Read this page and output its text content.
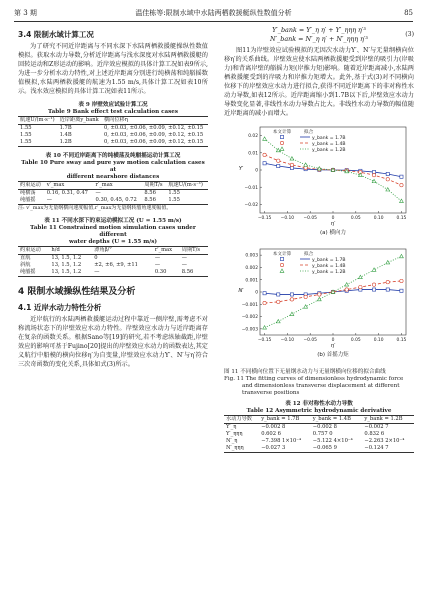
第 3 期	温佳栋等:限制水域中水陆两栖救援艇纵性数值分析	85
3.4 限制水域计算工况

为了研究不同近岸距离与不同水深下水陆两栖救援艇操纵性数值模拟。获取水动力导数,分析近岸距离与浅水深度对水陆两栖救援艇的回转运动和Z形运动的影响。近岸效应模拟的具体计算工况如表9所示,为进一步分析水动力特性,对上述近岸距离分别进行纯横荡和纯艏摇数值模拟,水陆两栖救援艇的航速为1.55 m/s,具体计算工况如表10所示。浅水效应模拟的具体计算工况如表11所示。

表 9 岸壁效应试验计算工况
Table 9 Bank effect test calculation cases
航速U/(m·s⁻¹)	近岸距离y_bank	横向位移η
1.55	1.7B	0, ±0.03, ±0.06, ±0.09, ±0.12, ±0.15
1.55	1.4B	0, ±0.03, ±0.06, ±0.09, ±0.12, ±0.15
1.55	1.2B	0, ±0.03, ±0.06, ±0.09, ±0.12, ±0.15
表 10 不同近岸距离下的纯横荡及纯艏摇运动计算工况
Table 10 Pure sway and pure yaw motion calculation cases at
different nearshore distances
约束运动	v′_max	r′_max	周期T/s	航速U/(m·s⁻¹)
纯横荡	0.16, 0.31, 0.47	—	8.56	1.55
纯艏摇	—	0.30, 0.45, 0.72	8.56	1.55
注: v′_max为无量纲横向速度幅值,r′_max为无量纲转艏角速度幅值。
表 11 不同水深下的束运动模拟工况 (U = 1.55 m/s)
Table 11 Constrained motion simulation cases under different
water depths (U = 1.55 m/s)
约束运动	h/d	漂角β/°	r′_max	周期T/s
直航	13, 1.5, 1.2	0	—	—
斜航	13, 1.5, 1.2	±2, ±6, ±9, ±11	—	—
纯艏摇	13, 1.5, 1.2	—	0.30	8.56
4 限制水域操纵性结果及分析
4.1 近岸水动力特性分析

近岸航行的水陆两栖救援艇运动过程中靠近一侧岸壁,需考虑不对称流场状态下的岸壁效应水动力特性。岸壁效应水动力与近岸距离存在复杂的函数关系。根据Sano等[19]的研究,若不考虑纵轴截距,岸壁效应的影响可基于Fujino[20]提出的岸壁效应水动力的函数表达,其定义航行中船模的横向位移η′为自变量,岸壁效应水动力Y′、N′与η′符合三次奇函数的变化关系,具体如式(3)所示。

Y′_bank = Y′_η η′ + Y′_ηηη η′³
N′_bank = N′_η η′ + N′_ηηη η′³
(3)

图11为岸壁效应试验模拟的无因次水动力Y′、N′与无量纲横向位移η′的关系曲线。岸壁效应使水陆两栖救援艇受到岸壁的吸引力(岸吸力)和背离岸壁的艏摇力矩(岸推力矩)影响。随着近岸距离减小,水陆两栖救援艇受到的岸吸力和岸推力矩增大。此外,基于式(3)对不同横向位移下的岸壁效应水动力进行拟合,获得不同近岸距离下的非对称性水动力导数,如表12所示。近岸距离缩小到1.7B以下后,岸壁效应水动力导数变化显著,非线性水动力导数占比大。非线性水动力导数的幅值随近岸距离的减小而增大。

−0.15 −0.10 −0.05	0	0.05	0.10	0.15
0.02
0.01
0
−0.01
−0.02
η′
Y′
(a) 横向力
本文计算	拟合
y_bank = 1.7B
y_bank = 1.4B
y_bank = 1.2B
−0.15 −0.10 −0.05	0	0.05	0.10	0.15
0.003
0.002
0.001
0
−0.001
−0.002
−0.003
η′
N′
(b) 首摇力矩
本文计算	拟合
y_bank = 1.7B
y_bank = 1.4B
y_bank = 1.2B
图 11 不同横向位置下无量纲水动力与无量纲横向位移的拟合曲线
Fig. 11 The fitting curves of dimensionless hydrodynamic force
and dimensionless transverse displacement at different
transverse positions
表 12 非对称性水动力导数
Table 12 Asymmetric hydrodynamic derivative
水动力导数	y_bank = 1.7B	y_bank = 1.4B	y_bank = 1.2B
Y′_η	−0.002 8	−0.002 8	−0.002 7
Y′_ηηη	0.602 6	0.757 0	0.832 6
N′_η	−7.398 1×10⁻⁴	−5.122 4×10⁻⁴	−2.263 2×10⁻⁴
N′_ηηη	−0.027 3	−0.065 9	−0.124 7
